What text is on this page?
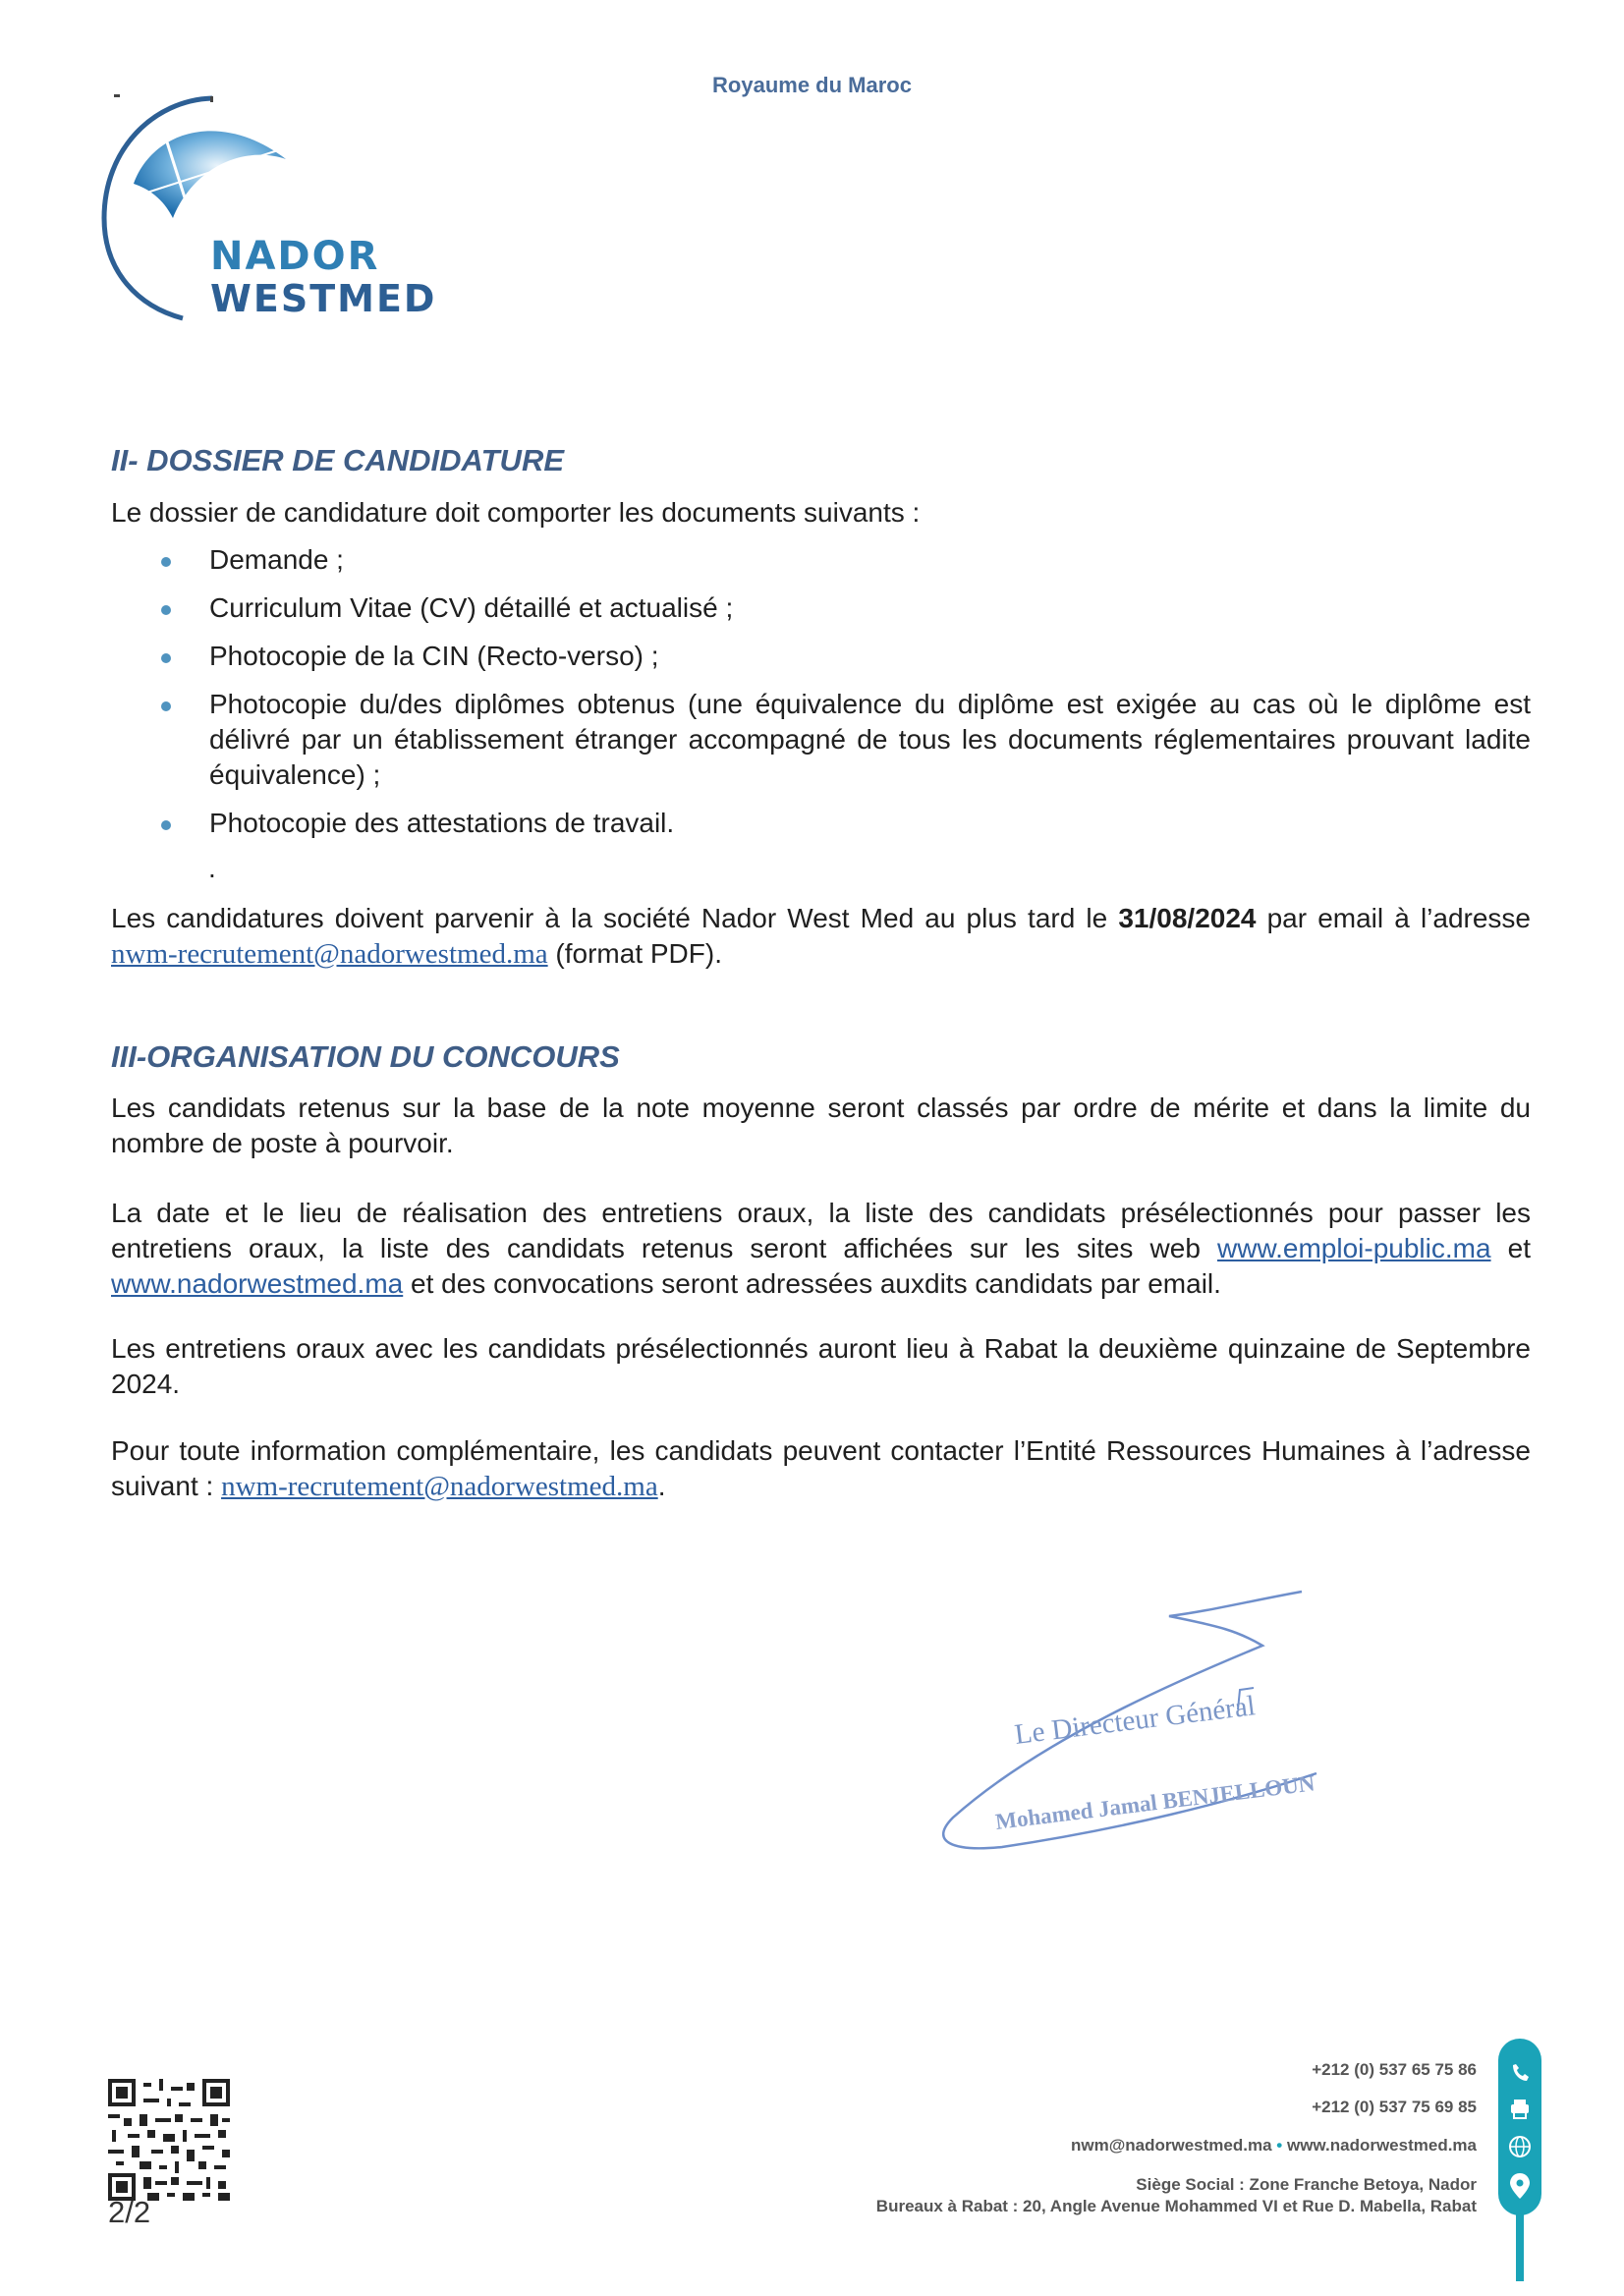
Royaume du Maroc
NADOR
WESTMED
II- DOSSIER DE CANDIDATURE
Le dossier de candidature doit comporter les documents suivants :
Demande ;
Curriculum Vitae (CV) détaillé et actualisé ;
Photocopie de la CIN (Recto-verso) ;
Photocopie du/des diplômes obtenus (une équivalence du diplôme est exigée au cas où le diplôme est délivré par un établissement étranger accompagné de tous les documents réglementaires prouvant ladite équivalence) ;
Photocopie des attestations de travail.
.
Les candidatures doivent parvenir à la société Nador West Med au plus tard le 31/08/2024 par email à l’adresse nwm-recrutement@nadorwestmed.ma (format PDF).
III-ORGANISATION DU CONCOURS
Les candidats retenus sur la base de la note moyenne seront classés par ordre de mérite et dans la limite du nombre de poste à pourvoir.
La date et le lieu de réalisation des entretiens oraux, la liste des candidats présélectionnés pour passer les entretiens oraux, la liste des candidats retenus seront affichées sur les sites web www.emploi-public.ma et www.nadorwestmed.ma et des convocations seront adressées auxdits candidats par email.
Les entretiens oraux avec les candidats présélectionnés auront lieu à Rabat la deuxième quinzaine de Septembre 2024.
Pour toute information complémentaire, les candidats peuvent contacter l’Entité Ressources Humaines à l’adresse suivant : nwm-recrutement@nadorwestmed.ma.
Le Directeur Général
Mohamed Jamal BENJELLOUN
2/2
+212 (0) 537 65 75 86
+212 (0) 537 75 69 85
nwm@nadorwestmed.ma • www.nadorwestmed.ma
Siège Social : Zone Franche Betoya, Nador
Bureaux à Rabat : 20, Angle Avenue Mohammed VI et Rue D. Mabella, Rabat
